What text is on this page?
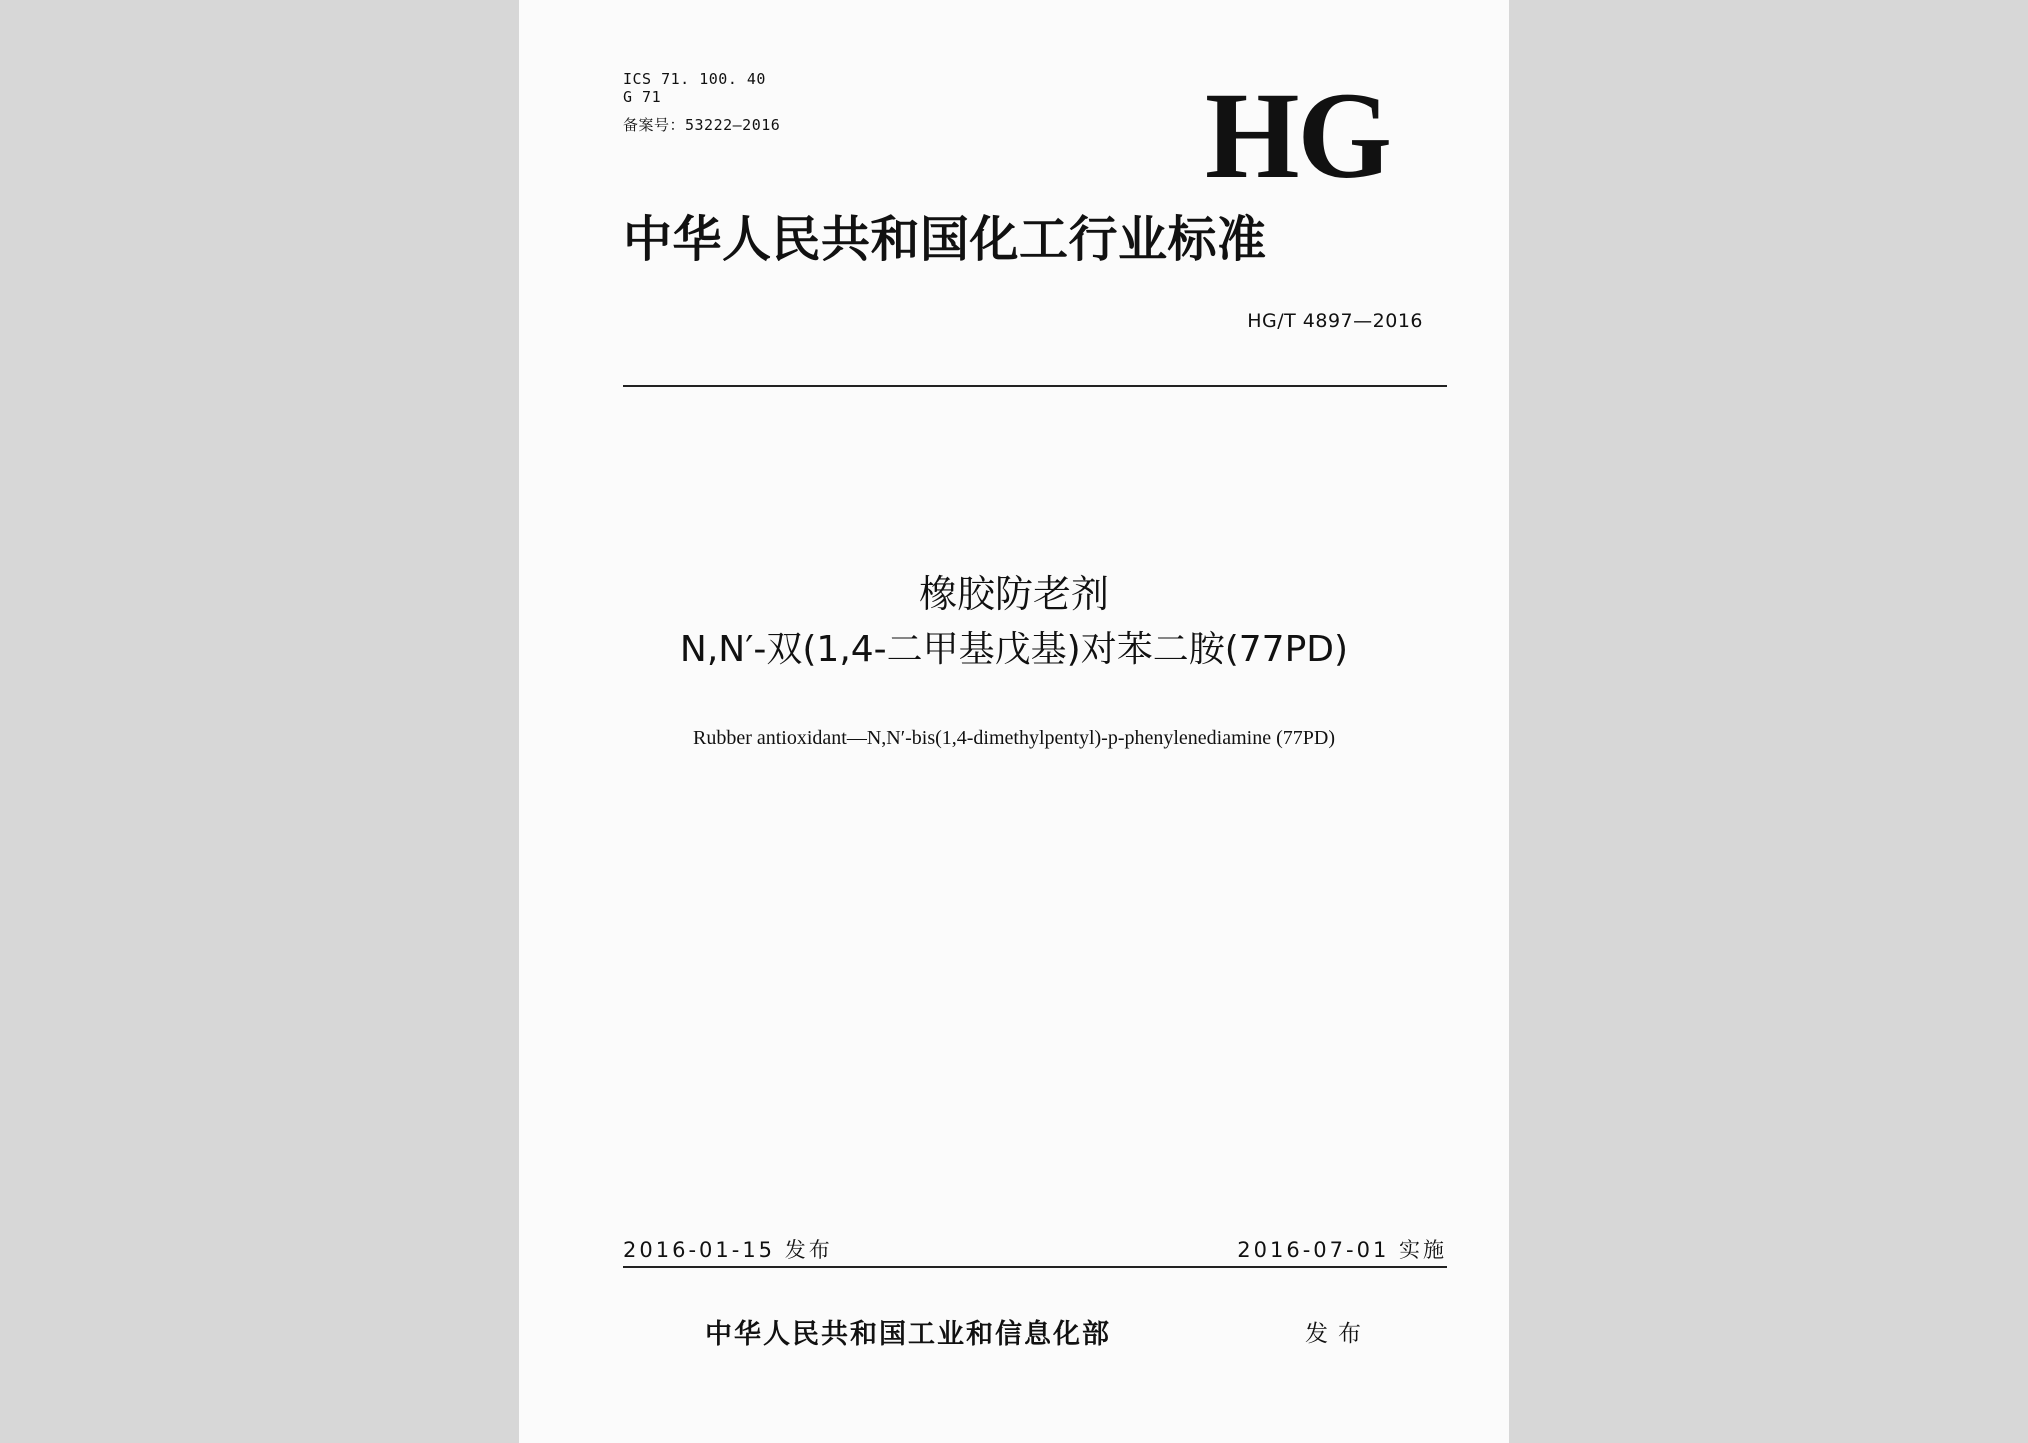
ICS 71. 100. 40
G 71
备案号：53222—2016	HG
中华人民共和国化工行业标准
HG/T 4897—2016
橡胶防老剂
N,N′-双(1,4-二甲基戊基)对苯二胺(77PD)
Rubber antioxidant—N,N′-bis(1,4-dimethylpentyl)-p-phenylenediamine (77PD)
2016-01-15 发布	2016-07-01 实施
中华人民共和国工业和信息化部	发布
